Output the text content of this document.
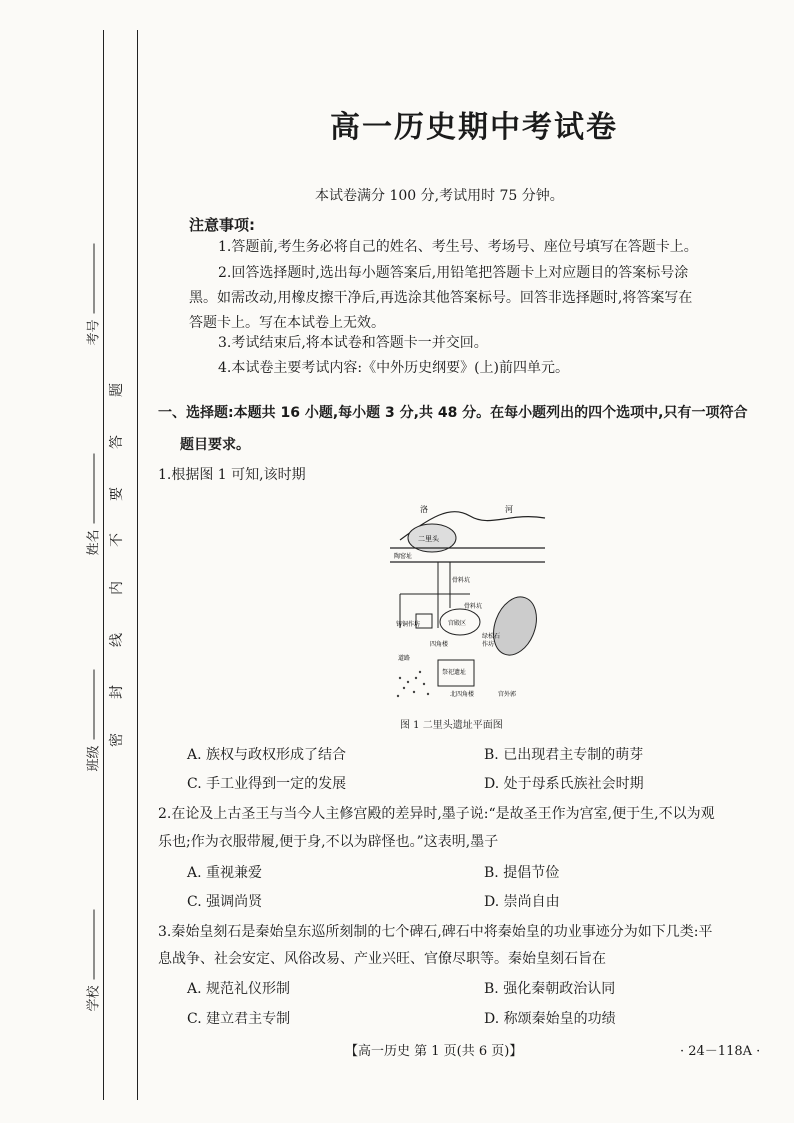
考号
姓名
班级
学校
题
答
要
不
内
线
封
密
高一历史期中考试卷
本试卷满分 100 分,考试用时 75 分钟。
注意事项:
1.答题前,考生务必将自己的姓名、考生号、考场号、座位号填写在答题卡上。
2.回答选择题时,选出每小题答案后,用铅笔把答题卡上对应题目的答案标号涂
黑。如需改动,用橡皮擦干净后,再选涂其他答案标号。回答非选择题时,将答案写在
答题卡上。写在本试卷上无效。
3.考试结束后,将本试卷和答题卡一并交回。
4.本试卷主要考试内容:《中外历史纲要》(上)前四单元。
一、选择题:本题共 16 小题,每小题 3 分,共 48 分。在每小题列出的四个选项中,只有一项符合
题目要求。
1.根据图 1 可知,该时期
洛	河
二里头
陶窑址
骨料坑
骨料坑
宫殿区
铸铜作坊
四角楼
绿松石
作坊
道路
祭祀遗址
北四角楼	宫外郭
图 1 二里头遗址平面图
A. 族权与政权形成了结合	B. 已出现君主专制的萌芽
C. 手工业得到一定的发展	D. 处于母系氏族社会时期
2.在论及上古圣王与当今人主修宫殿的差异时,墨子说:“是故圣王作为宫室,便于生,不以为观
乐也;作为衣服带履,便于身,不以为辟怪也。”这表明,墨子
A. 重视兼爱	B. 提倡节俭
C. 强调尚贤	D. 崇尚自由
3.秦始皇刻石是秦始皇东巡所刻制的七个碑石,碑石中将秦始皇的功业事迹分为如下几类:平
息战争、社会安定、风俗改易、产业兴旺、官僚尽职等。秦始皇刻石旨在
A. 规范礼仪形制	B. 强化秦朝政治认同
C. 建立君主专制	D. 称颂秦始皇的功绩
【高一历史 第 1 页(共 6 页)】	· 24－118A ·
